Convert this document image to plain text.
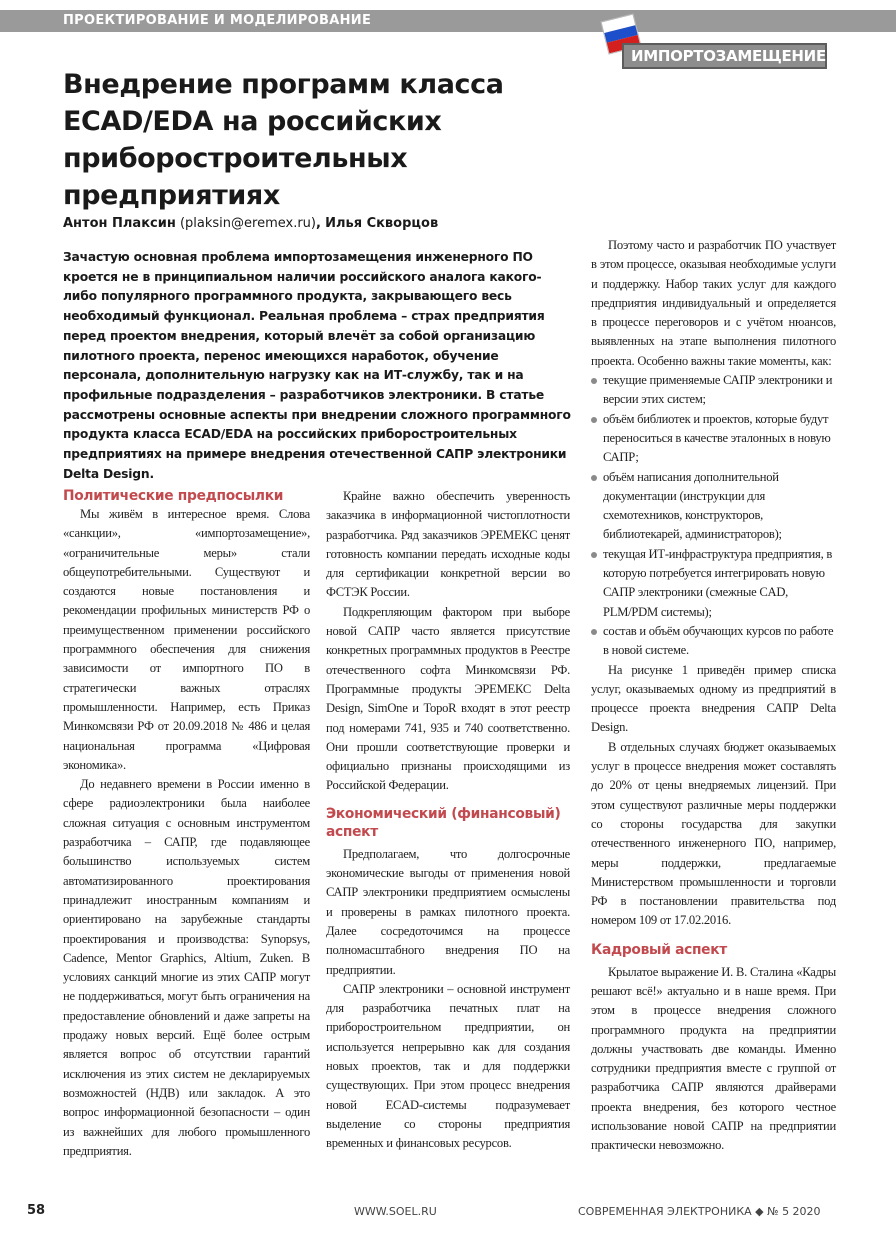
ПРОЕКТИРОВАНИЕ И МОДЕЛИРОВАНИЕ
ИМПОРТОЗАМЕЩЕНИЕ
Внедрение программ класса
ECAD/EDA на российских
приборостроительных предприятиях
Антон Плаксин (plaksin@eremex.ru), Илья Скворцов
Зачастую основная проблема импортозамещения инженерного ПО кроется не в принципиальном наличии российского аналога какого-либо популярного программного продукта, закрывающего весь необходимый функционал. Реальная проблема – страх предприятия перед проектом внедрения, который влечёт за собой организацию пилотного проекта, перенос имеющихся наработок, обучение персонала, дополнительную нагрузку как на ИТ-службу, так и на профильные подразделения – разработчиков электроники. В статье рассмотрены основные аспекты при внедрении сложного программного продукта класса ECAD/EDA на российских приборостроительных предприятиях на примере внедрения отечественной САПР электроники Delta Design.
Политические предпосылки

Мы живём в интересное время. Слова «санкции», «импортозамещение», «ограничительные меры» стали общеупотребительными. Существуют и создаются новые постановления и рекомендации профильных министерств РФ о преимущественном применении российского программного обеспечения для снижения зависимости от импортного ПО в стратегически важных отраслях промышленности. Например, есть Приказ Минкомсвязи РФ от 20.09.2018 № 486 и целая национальная программа «Цифровая экономика».

До недавнего времени в России именно в сфере радиоэлектроники была наиболее сложная ситуация с основным инструментом разработчика – САПР, где подавляющее большинство используемых систем автоматизированного проектирования принадлежит иностранным компаниям и ориентировано на зарубежные стандарты проектирования и производства: Synopsys, Cadence, Mentor Graphics, Altium, Zuken. В условиях санкций многие из этих САПР могут не поддерживаться, могут быть ограничения на предоставление обновлений и даже запреты на продажу новых версий. Ещё более острым является вопрос об отсутствии гарантий исключения из этих систем не декларируемых возможностей (НДВ) или закладок. А это вопрос информационной безопасности – один из важнейших для любого промышленного предприятия.

Крайне важно обеспечить уверенность заказчика в информационной чистоплотности разработчика. Ряд заказчиков ЭРЕМЕКС ценят готовность компании передать исходные коды для сертификации конкретной версии во ФСТЭК России.

Подкрепляющим фактором при выборе новой САПР часто является присутствие конкретных программных продуктов в Реестре отечественного софта Минкомсвязи РФ. Программные продукты ЭРЕМЕКС Delta Design, SimOne и TopoR входят в этот реестр под номерами 741, 935 и 740 соответственно. Они прошли соответствующие проверки и официально признаны происходящими из Российской Федерации.

Экономический (финансовый) аспект

Предполагаем, что долгосрочные экономические выгоды от применения новой САПР электроники предприятием осмыслены и проверены в рамках пилотного проекта. Далее сосредоточимся на процессе полномасштабного внедрения ПО на предприятии.

САПР электроники – основной инструмент для разработчика печатных плат на приборостроительном предприятии, он используется непрерывно как для создания новых проектов, так и для поддержки существующих. При этом процесс внедрения новой ECAD-системы подразумевает выделение со стороны предприятия временных и финансовых ресурсов.

Поэтому часто и разработчик ПО участвует в этом процессе, оказывая необходимые услуги и поддержку. Набор таких услуг для каждого предприятия индивидуальный и определяется в процессе переговоров и с учётом нюансов, выявленных на этапе выполнения пилотного проекта. Особенно важны такие моменты, как:

текущие применяемые САПР электроники и версии этих систем;
объём библиотек и проектов, которые будут переноситься в качестве эталонных в новую САПР;
объём написания дополнительной документации (инструкции для схемотехников, конструкторов, библиотекарей, администраторов);
текущая ИТ-инфраструктура предприятия, в которую потребуется интегрировать новую САПР электроники (смежные CAD, PLM/PDM системы);
состав и объём обучающих курсов по работе в новой системе.

На рисунке 1 приведён пример списка услуг, оказываемых одному из предприятий в процессе проекта внедрения САПР Delta Design.

В отдельных случаях бюджет оказываемых услуг в процессе внедрения может составлять до 20% от цены внедряемых лицензий. При этом существуют различные меры поддержки со стороны государства для закупки отечественного инженерного ПО, например, меры поддержки, предлагаемые Министерством промышленности и торговли РФ в постановлении правительства под номером 109 от 17.02.2016.

Кадровый аспект

Крылатое выражение И. В. Сталина «Кадры решают всё!» актуально и в наше время. При этом в процессе внедрения сложного программного продукта на предприятии должны участвовать две команды. Именно сотрудники предприятия вместе с группой от разработчика САПР являются драйверами проекта внедрения, без которого честное использование новой САПР на предприятии практически невозможно.

58	WWW.SOEL.RU	СОВРЕМЕННАЯ ЭЛЕКТРОНИКА ◆ № 5 2020
